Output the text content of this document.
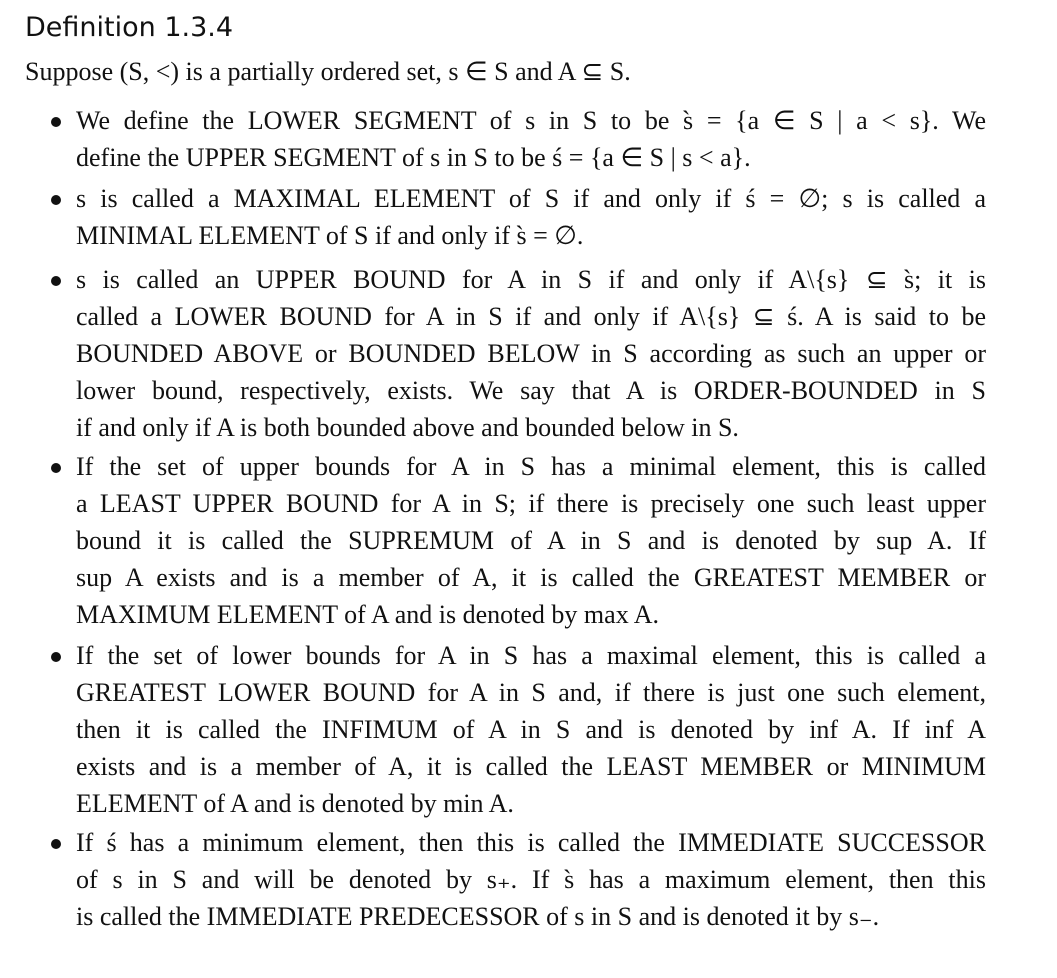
Definition 1.3.4

Suppose (S, <) is a partially ordered set, s ∈ S and A ⊆ S.

We define the LOWER SEGMENT of s in S to be s̀ = {a ∈ S | a < s}. We
define the UPPER SEGMENT of s in S to be ś = {a ∈ S | s < a}.

s is called a MAXIMAL ELEMENT of S if and only if ś = ∅; s is called a
MINIMAL ELEMENT of S if and only if s̀ = ∅.

s is called an UPPER BOUND for A in S if and only if A\{s} ⊆ s̀; it is
called a LOWER BOUND for A in S if and only if A\{s} ⊆ ś. A is said to be
BOUNDED ABOVE or BOUNDED BELOW in S according as such an upper or
lower bound, respectively, exists. We say that A is ORDER-BOUNDED in S
if and only if A is both bounded above and bounded below in S.

If the set of upper bounds for A in S has a minimal element, this is called
a LEAST UPPER BOUND for A in S; if there is precisely one such least upper
bound it is called the SUPREMUM of A in S and is denoted by sup A. If
sup A exists and is a member of A, it is called the GREATEST MEMBER or
MAXIMUM ELEMENT of A and is denoted by max A.

If the set of lower bounds for A in S has a maximal element, this is called a
GREATEST LOWER BOUND for A in S and, if there is just one such element,
then it is called the INFIMUM of A in S and is denoted by inf A. If inf A
exists and is a member of A, it is called the LEAST MEMBER or MINIMUM
ELEMENT of A and is denoted by min A.

If ś has a minimum element, then this is called the IMMEDIATE SUCCESSOR
of s in S and will be denoted by s₊. If s̀ has a maximum element, then this
is called the IMMEDIATE PREDECESSOR of s in S and is denoted it by s₋.
